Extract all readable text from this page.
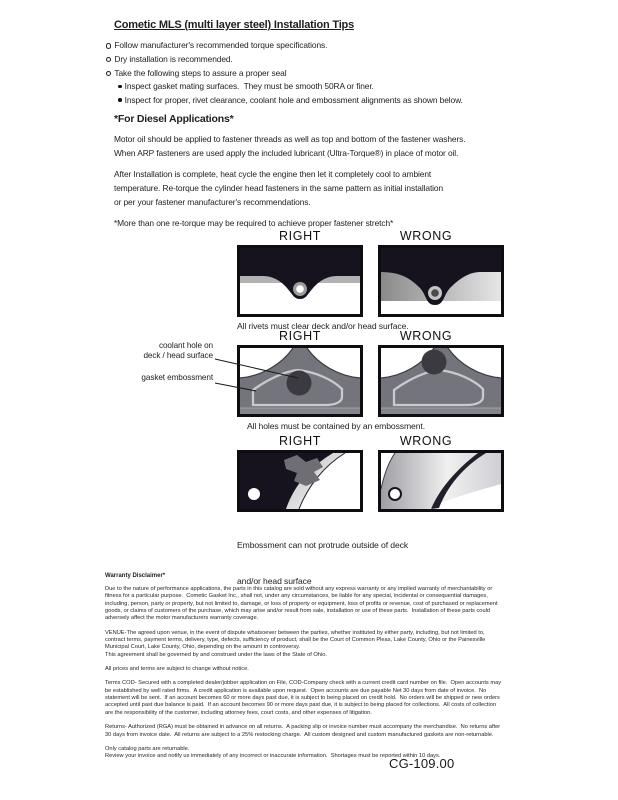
Cometic MLS (multi layer steel) Installation Tips
Follow manufacturer's recommended torque specifications.
Dry installation is recommended.
Take the following steps to assure a proper seal
Inspect gasket mating surfaces.  They must be smooth 50RA or finer.
Inspect for proper, rivet clearance, coolant hole and embossment alignments as shown below.
*For Diesel Applications*
Motor oil should be applied to fastener threads as well as top and bottom of the fastener washers.
When ARP fasteners are used apply the included lubricant (Ultra-Torque®) in place of motor oil.
After Installation is complete, heat cycle the engine then let it completely cool to ambient
temperature. Re-torque the cylinder head fasteners in the same pattern as initial installation
or per your fastener manufacturer's recommendations.
*More than one re-torque may be required to achieve proper fastener stretch*
RIGHT	WRONG
All rivets must clear deck and/or head surface.
coolant hole on
deck / head surface
gasket embossment
RIGHT	WRONG
All holes must be contained by an embossment.
RIGHT	WRONG

Embossment can not protrude outside of deck

and/or head surface

Warranty Disclaimer*
Due to the nature of performance applications, the parts in this catalog are sold without any express warranty or any implied warranty of merchantability or
fitness for a particular purpose.  Cometic Gasket Inc., shall not, under any circumstances, be liable for any special, incidental or consequential damages,
including, person, party or property, but not limited to, damage, or loss of property or equipment, loss of profits or revenue, cost of purchased or replacement
goods, or claims of customers of the purchase, which may arise and/or result from sale, installation or use of these parts.  Installation of these parts could
adversely affect the motor manufacturers warranty coverage.
VENUE-The agreed upon venue, in the event of dispute whatsoever between the parties, whether instituted by either party, including, but not limited to,
contract terms, payment terms, delivery, type, defects, sufficiency of product, shall be the Court of Common Pleas, Lake County, Ohio or the Painesville
Municipal Court, Lake County, Ohio, depending on the amount in controversy.
This agreement shall be governed by and construed under the laws of the State of Ohio.
All prices and terms are subject to change without notice.
Terms COD- Secured with a completed dealer/jobber application on File, COD-Company check with a current credit card number on file.  Open accounts may
be established by well rated firms.  A credit application is available upon request.  Open accounts are due payable Net 30 days from date of invoice.  No
statement will be sent.  If an account becomes 60 or more days past due, it is subject to being placed on credit hold.  No orders will be shipped or new orders
accepted until past due balance is paid.  If an account becomes 90 or more days past due, it is subject to being placed for collections.  All costs of collection
are the responsibility of the customer, including attorney fees, court costs, and other expenses of litigation.
Returns- Authorized (RGA) must be obtained in advance on all returns.  A packing slip or invoice number must accompany the merchandise.  No returns after
30 days from invoice date.  All returns are subject to a 25% restocking charge.  All custom designed and custom manufactured gaskets are non-returnable.
Only catalog parts are returnable.
Review your invoice and notify us immediately of any incorrect or inaccurate information.  Shortages must be reported within 10 days.
CG-109.00
